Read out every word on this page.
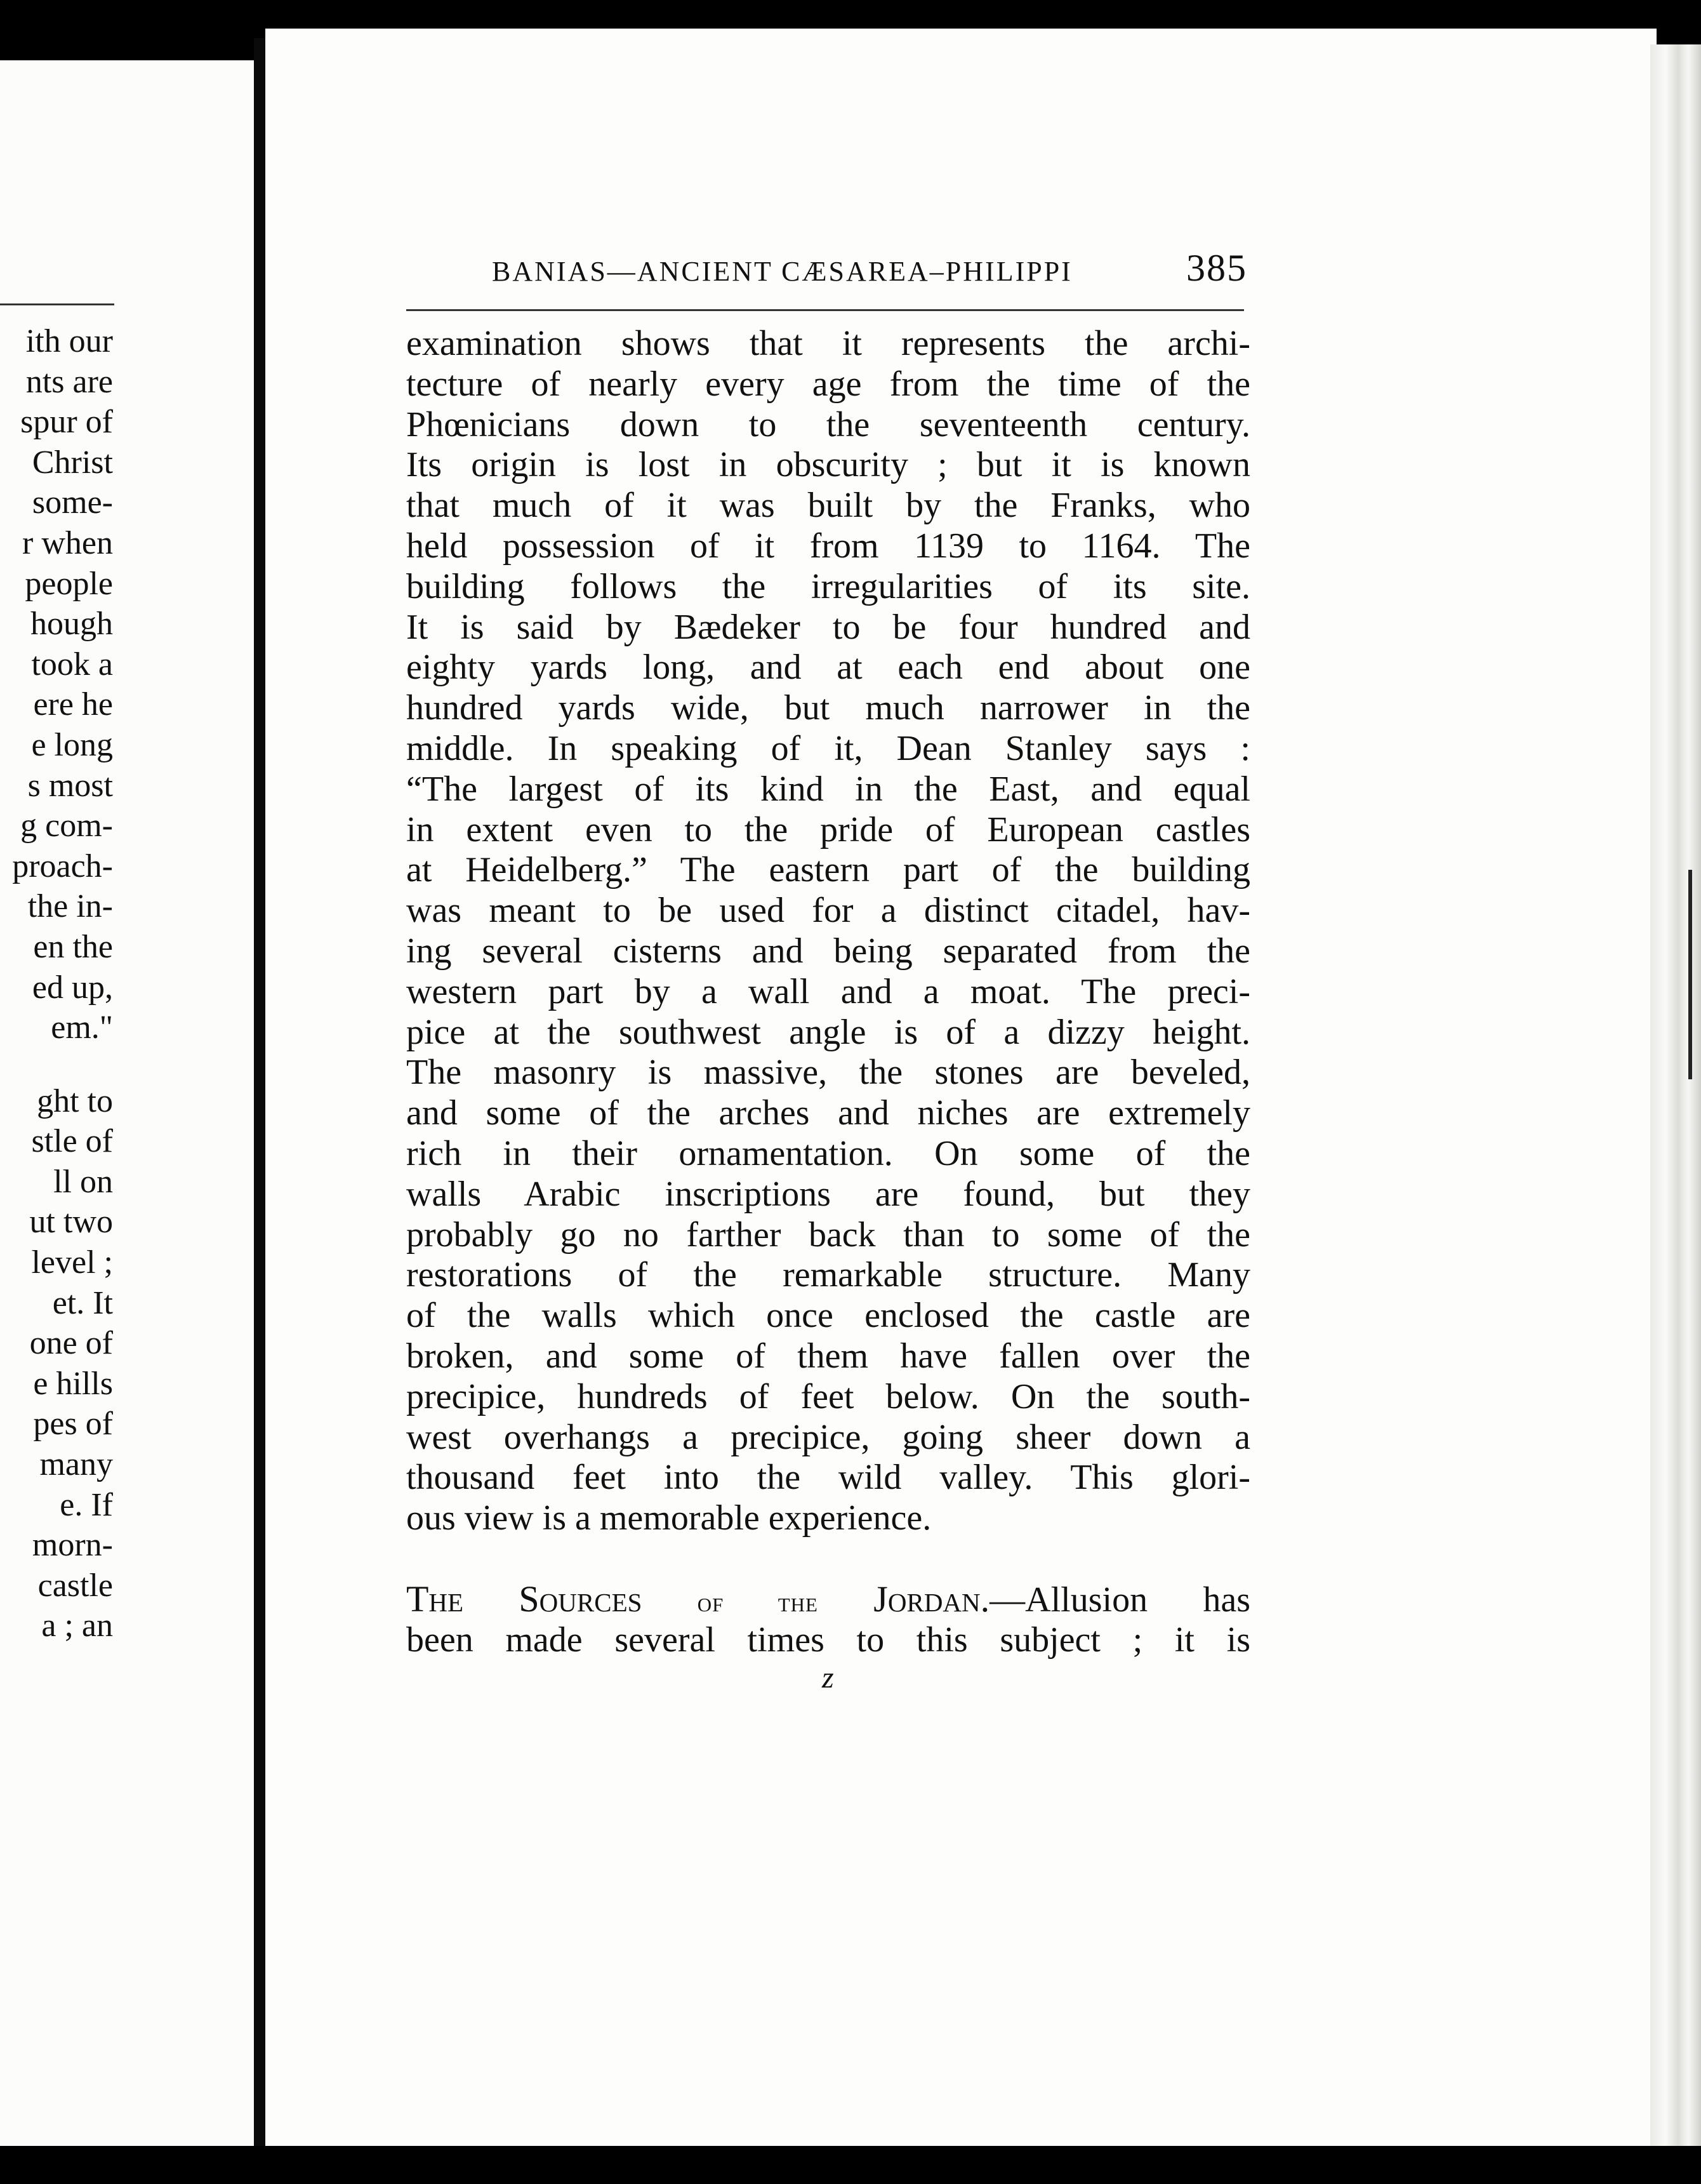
ith our
nts are
spur of
Christ
some-
r when
people
hough
took a
ere he
e long
s most
g com-
proach-
the in-
en the
ed up,
em."
ght to
stle of
ll on
ut two
level ;
et. It
one of
e hills
pes of
many
e. If
morn-
castle
a ; an
BANIAS—ANCIENT CÆSAREA–PHILIPPI	385
examination shows that it represents the archi-
tecture of nearly every age from the time of the
Phœnicians down to the seventeenth century.
Its origin is lost in obscurity ; but it is known
that much of it was built by the Franks, who
held possession of it from 1139 to 1164. The
building follows the irregularities of its site.
It is said by Bædeker to be four hundred and
eighty yards long, and at each end about one
hundred yards wide, but much narrower in the
middle. In speaking of it, Dean Stanley says :
“The largest of its kind in the East, and equal
in extent even to the pride of European castles
at Heidelberg.” The eastern part of the building
was meant to be used for a distinct citadel, hav-
ing several cisterns and being separated from the
western part by a wall and a moat. The preci-
pice at the southwest angle is of a dizzy height.
The masonry is massive, the stones are beveled,
and some of the arches and niches are extremely
rich in their ornamentation. On some of the
walls Arabic inscriptions are found, but they
probably go no farther back than to some of the
restorations of the remarkable structure. Many
of the walls which once enclosed the castle are
broken, and some of them have fallen over the
precipice, hundreds of feet below. On the south-
west overhangs a precipice, going sheer down a
thousand feet into the wild valley. This glori-
ous view is a memorable experience.
The Sources of the Jordan.—Allusion has
been made several times to this subject ; it is
z
